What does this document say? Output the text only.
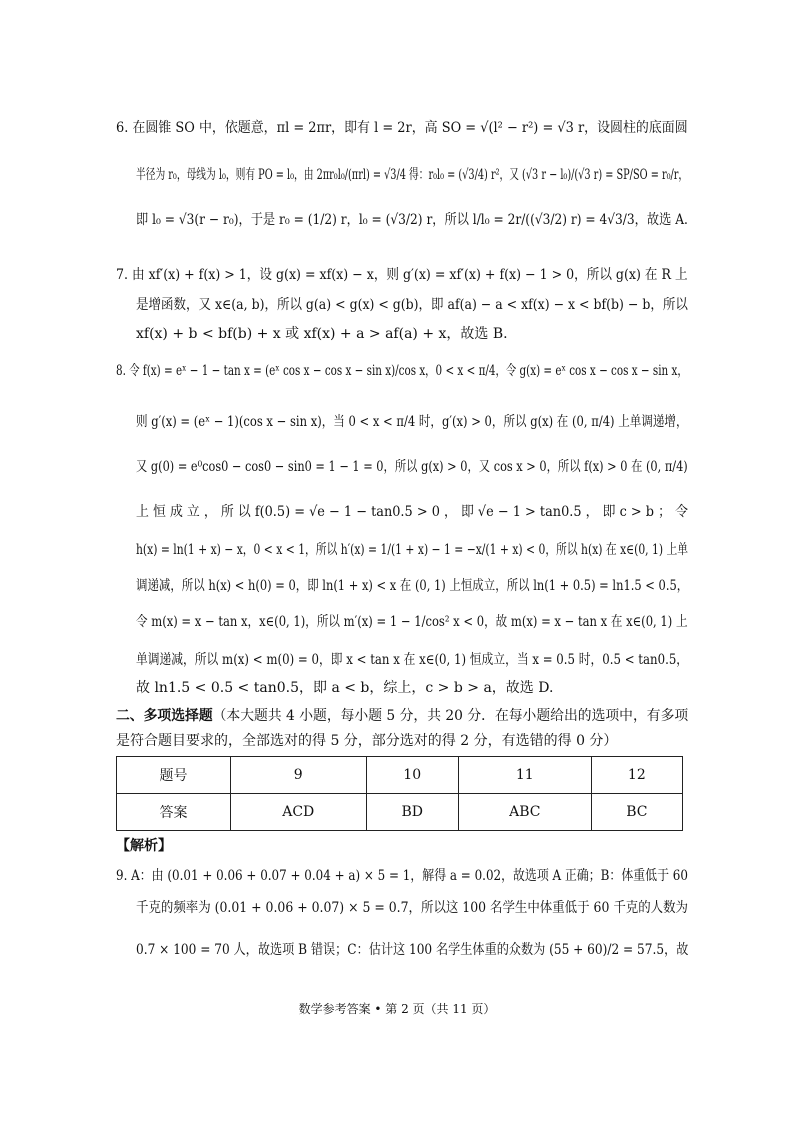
6. 在圆锥 SO 中，依题意，πl = 2πr，即有 l = 2r，高 SO = √(l² − r²) = √3 r，设圆柱的底面圆
半径为 r₀，母线为 l₀，则有 PO = l₀，由 2πr₀l₀/(πrl) = √3/4 得：r₀l₀ = (√3/4) r²，又 (√3 r − l₀)/(√3 r) = SP/SO = r₀/r，
即 l₀ = √3(r − r₀)，于是 r₀ = (1/2) r，l₀ = (√3/2) r，所以 l/l₀ = 2r/((√3/2) r) = 4√3/3，故选 A.
7. 由 xf′(x) + f(x) > 1，设 g(x) = xf(x) − x，则 g′(x) = xf′(x) + f(x) − 1 > 0，所以 g(x) 在 R 上
是增函数，又 x∈(a, b)，所以 g(a) < g(x) < g(b)，即 af(a) − a < xf(x) − x < bf(b) − b，所以
xf(x) + b < bf(b) + x 或 xf(x) + a > af(a) + x，故选 B.
8. 令 f(x) = eˣ − 1 − tan x = (eˣ cos x − cos x − sin x)/cos x，0 < x < π/4，令 g(x) = eˣ cos x − cos x − sin x，
则 g′(x) = (eˣ − 1)(cos x − sin x)，当 0 < x < π/4 时，g′(x) > 0，所以 g(x) 在 (0, π/4) 上单调递增，
又 g(0) = e⁰cos0 − cos0 − sin0 = 1 − 1 = 0，所以 g(x) > 0，又 cos x > 0，所以 f(x) > 0 在 (0, π/4)
上 恒 成 立 ， 所 以 f(0.5) = √e − 1 − tan0.5 > 0 ， 即 √e − 1 > tan0.5 ， 即 c > b ； 令
h(x) = ln(1 + x) − x，0 < x < 1，所以 h′(x) = 1/(1 + x) − 1 = −x/(1 + x) < 0，所以 h(x) 在 x∈(0, 1) 上单
调递减，所以 h(x) < h(0) = 0，即 ln(1 + x) < x 在 (0, 1) 上恒成立，所以 ln(1 + 0.5) = ln1.5 < 0.5，
令 m(x) = x − tan x，x∈(0, 1)，所以 m′(x) = 1 − 1/cos² x < 0，故 m(x) = x − tan x 在 x∈(0, 1) 上
单调递减，所以 m(x) < m(0) = 0，即 x < tan x 在 x∈(0, 1) 恒成立，当 x = 0.5 时，0.5 < tan0.5，
故 ln1.5 < 0.5 < tan0.5，即 a < b，综上，c > b > a，故选 D.
二、多项选择题（本大题共 4 小题，每小题 5 分，共 20 分．在每小题给出的选项中，有多项
是符合题目要求的，全部选对的得 5 分，部分选对的得 2 分，有选错的得 0 分）
题号	9	10	11	12
答案	ACD	BD	ABC	BC
【解析】
9. A：由 (0.01 + 0.06 + 0.07 + 0.04 + a) × 5 = 1，解得 a = 0.02，故选项 A 正确；B：体重低于 60
千克的频率为 (0.01 + 0.06 + 0.07) × 5 = 0.7，所以这 100 名学生中体重低于 60 千克的人数为
0.7 × 100 = 70 人，故选项 B 错误；C：估计这 100 名学生体重的众数为 (55 + 60)/2 = 57.5，故
数学参考答案 • 第 2 页（共 11 页）
